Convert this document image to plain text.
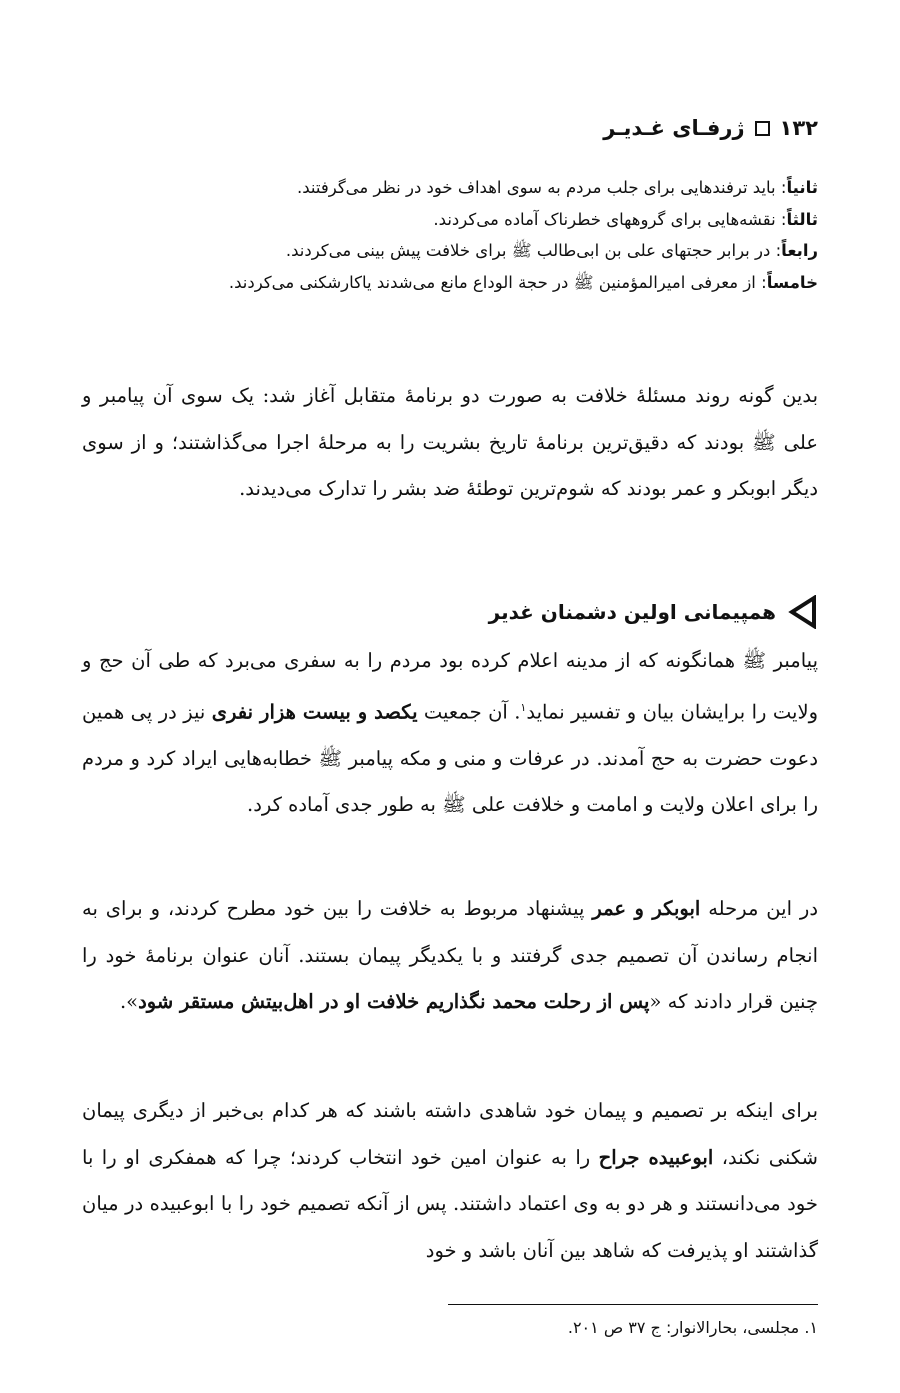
۱۳۲
ژرفـای غـدیـر
ثانیاً: باید ترفندهایی برای جلب مردم به سوی اهداف خود در نظر می‌گرفتند.
ثالثاً: نقشه‌هایی برای گروههای خطرناک آماده می‌کردند.
رابعاً: در برابر حجتهای علی بن ابی‌طالب ﷺ برای خلافت پیش بینی می‌کردند.
خامساً: از معرفی امیرالمؤمنین ﷺ در حجة الوداع مانع می‌شدند یاکارشکنی می‌کردند.

بدین گونه روند مسئلهٔ خلافت به صورت دو برنامهٔ متقابل آغاز شد: یک سوی آن پیامبر و علی ﷺ بودند که دقیق‌ترین برنامهٔ تاریخ بشریت را به مرحلهٔ اجرا می‌گذاشتند؛ و از سوی دیگر ابوبکر و عمر بودند که شوم‌ترین توطئهٔ ضد بشر را تدارک می‌دیدند.

همپیمانی اولین دشمنان غدیر

پیامبر ﷺ همانگونه که از مدینه اعلام کرده بود مردم را به سفری می‌برد که طی آن حج و ولایت را برایشان بیان و تفسیر نماید$^۱$. آن جمعیت یکصد و بیست هزار نفری نیز در پی همین دعوت حضرت به حج آمدند. در عرفات و منی و مکه پیامبر ﷺ خطابه‌هایی ایراد کرد و مردم را برای اعلان ولایت و امامت و خلافت علی ﷺ به طور جدی آماده کرد.

در این مرحله ابوبکر و عمر پیشنهاد مربوط به خلافت را بین خود مطرح کردند، و برای به انجام رساندن آن تصمیم جدی گرفتند و با یکدیگر پیمان بستند. آنان عنوان برنامهٔ خود را چنین قرار دادند که «پس از رحلت محمد نگذاریم خلافت او در اهل‌بیتش مستقر شود».

برای اینکه بر تصمیم و پیمان خود شاهدی داشته باشند که هر کدام بی‌خبر از دیگری پیمان شکنی نکند، ابوعبیده جراح را به عنوان امین خود انتخاب کردند؛ چرا که همفکری او را با خود می‌دانستند و هر دو به وی اعتماد داشتند. پس از آنکه تصمیم خود را با ابوعبیده در میان گذاشتند او پذیرفت که شاهد بین آنان باشد و خود

۱. مجلسی، بحارالانوار: ج ۳۷ ص ۲۰۱.
